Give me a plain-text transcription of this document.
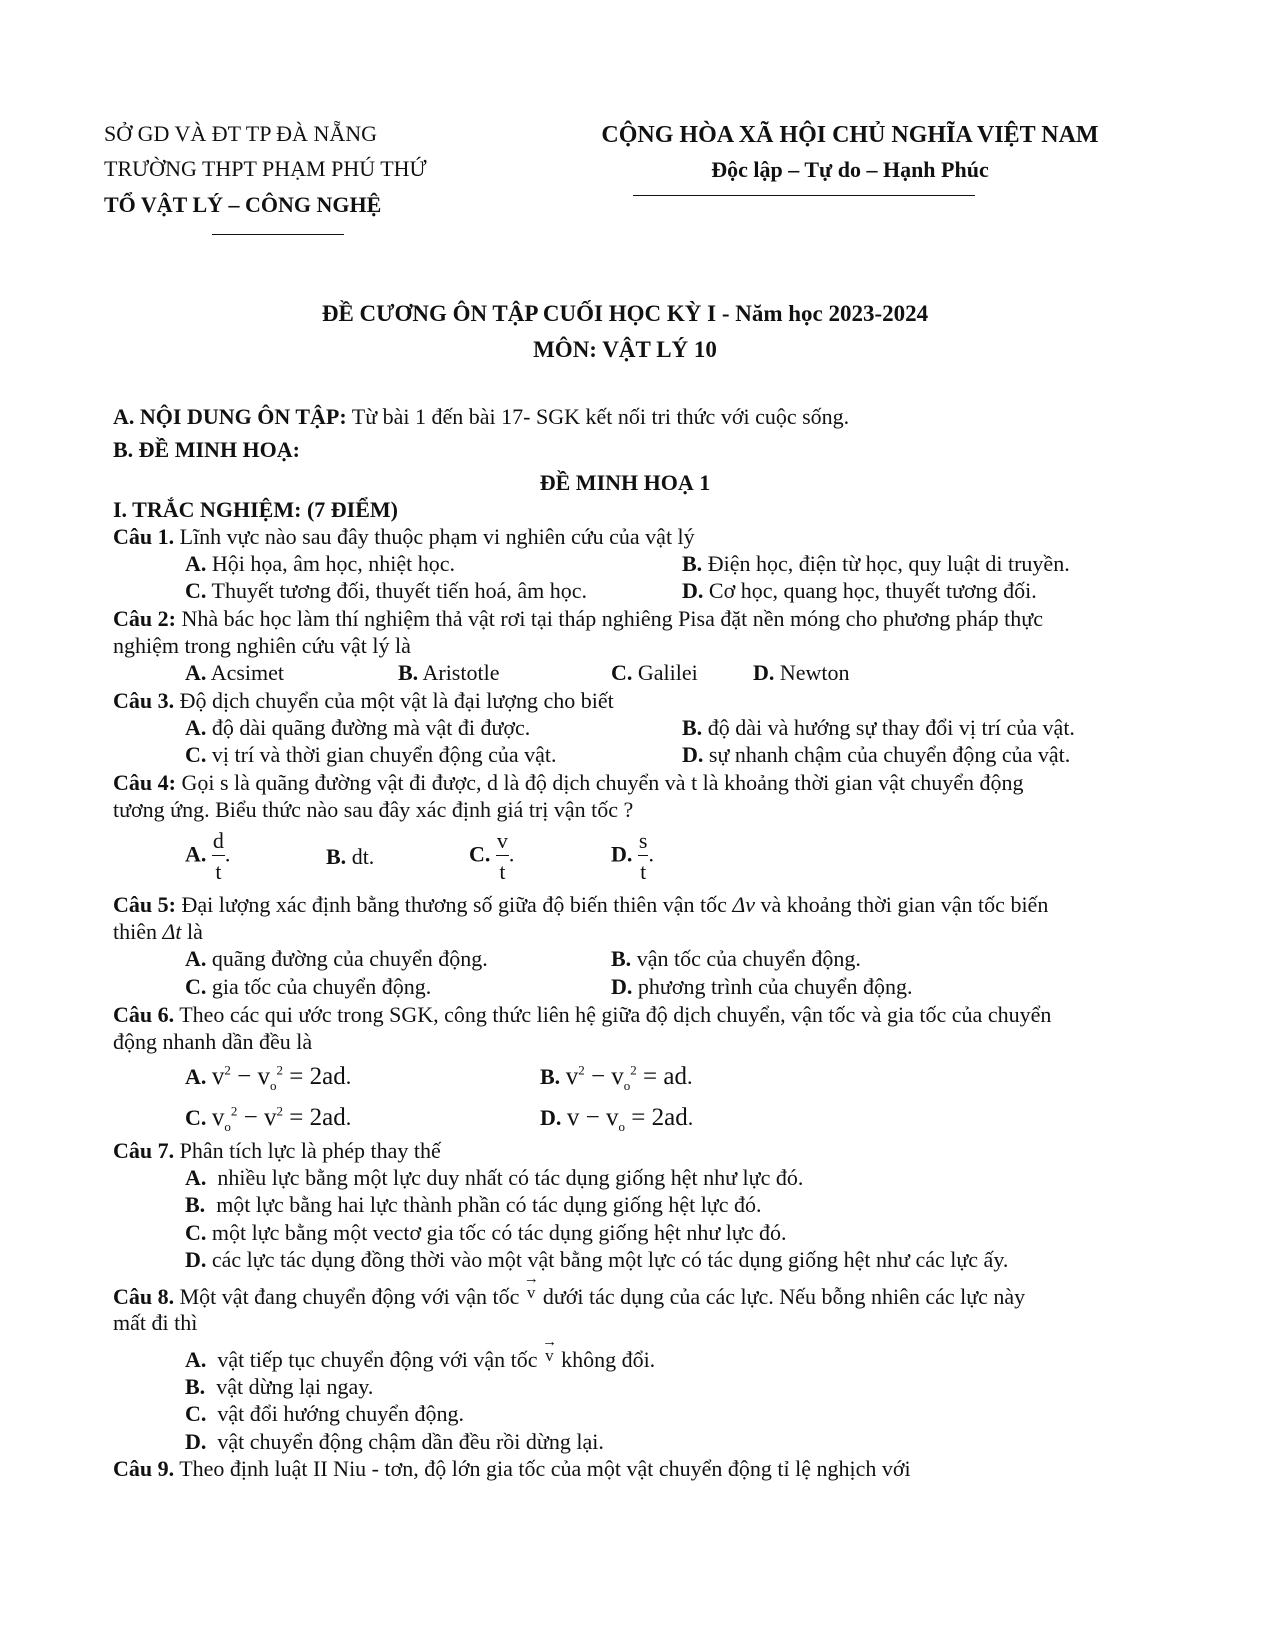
SỞ GD VÀ ĐT TP ĐÀ NẴNG
TRƯỜNG THPT PHẠM PHÚ THỨ
TỔ VẬT LÝ – CÔNG NGHỆ
CỘNG HÒA XÃ HỘI CHỦ NGHĨA VIỆT NAM
Độc lập – Tự do – Hạnh Phúc
ĐỀ CƯƠNG ÔN TẬP CUỐI HỌC KỲ I - Năm học 2023-2024
MÔN: VẬT LÝ 10
A. NỘI DUNG ÔN TẬP: Từ bài 1 đến bài 17- SGK kết nối tri thức với cuộc sống.
B. ĐỀ MINH HOẠ:
ĐỀ MINH HOẠ 1
I. TRẮC NGHIỆM: (7 ĐIỂM)
Câu 1. Lĩnh vực nào sau đây thuộc phạm vi nghiên cứu của vật lý
A. Hội họa, âm học, nhiệt học.	B. Điện học, điện từ học, quy luật di truyền.
C. Thuyết tương đối, thuyết tiến hoá, âm học.	D. Cơ học, quang học, thuyết tương đối.
Câu 2: Nhà bác học làm thí nghiệm thả vật rơi tại tháp nghiêng Pisa đặt nền móng cho phương pháp thực
nghiệm trong nghiên cứu vật lý là
A. Acsimet	B. Aristotle	C. Galilei	D. Newton
Câu 3. Độ dịch chuyển của một vật là đại lượng cho biết
A. độ dài quãng đường mà vật đi được.	B. độ dài và hướng sự thay đổi vị trí của vật.
C. vị trí và thời gian chuyển động của vật.	D. sự nhanh chậm của chuyển động của vật.
Câu 4: Gọi s là quãng đường vật đi được, d là độ dịch chuyển và t là khoảng thời gian vật chuyển động
tương ứng. Biểu thức nào sau đây xác định giá trị vận tốc ?
A. $\frac{d}{t}$ .	B. dt.	C. $\frac{v}{t}$ .	D. $\frac{s}{t}$ .
Câu 5: Đại lượng xác định bằng thương số giữa độ biến thiên vận tốc Δv và khoảng thời gian vận tốc biến
thiên Δt là
A. quãng đường của chuyển động.	B. vận tốc của chuyển động.
C. gia tốc của chuyển động.	D. phương trình của chuyển động.
Câu 6. Theo các qui ước trong SGK, công thức liên hệ giữa độ dịch chuyển, vận tốc và gia tốc của chuyển
động nhanh dần đều là
A. $v^2 - v_o^2 = 2ad$.	B. $v^2 - v_o^2$ = ad.
C. $v_o^2 - v^2 = 2ad$.	D. $v - v_o = 2ad$.
Câu 7. Phân tích lực là phép thay thế
A. nhiều lực bằng một lực duy nhất có tác dụng giống hệt như lực đó.
B. một lực bằng hai lực thành phần có tác dụng giống hệt lực đó.
C. một lực bằng một vectơ gia tốc có tác dụng giống hệt như lực đó.
D. các lực tác dụng đồng thời vào một vật bằng một lực có tác dụng giống hệt như các lực ấy.
Câu 8. Một vật đang chuyển động với vận tốc → v dưới tác dụng của các lực. Nếu bỗng nhiên các lực này
mất đi thì
A. vật tiếp tục chuyển động với vận tốc → v không đổi.
B. vật dừng lại ngay.
C. vật đổi hướng chuyển động.
D. vật chuyển động chậm dần đều rồi dừng lại.
Câu 9. Theo định luật II Niu - tơn, độ lớn gia tốc của một vật chuyển động tỉ lệ nghịch với
